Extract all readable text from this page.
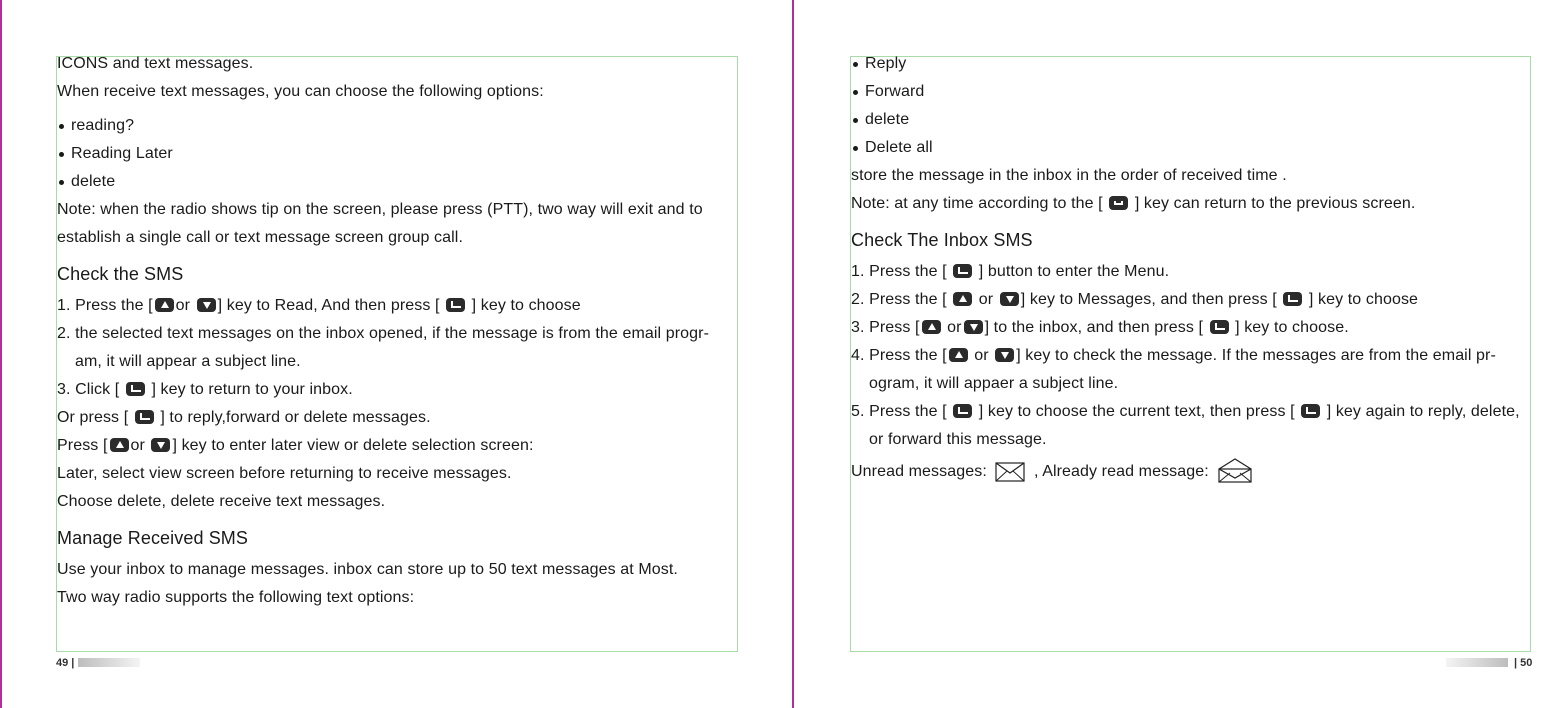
ICONS and text messages.
When receive text messages, you can choose the following options:
reading?
Reading Later
delete
Note: when the radio shows tip on the screen, please press (PTT), two way will exit and to
establish a single call or text message screen group call.
Check the SMS
1. Press the [ or ] key to Read, And then press [ ] key to choose
2. the selected text messages on the inbox opened, if the message is from the email progr-
am, it will appear a subject line.
3. Click [ ] key to return to your inbox.
Or press [ ] to reply,forward or delete messages.
Press [ or ] key to enter later view or delete selection screen:
Later, select view screen before returning to receive messages.
Choose delete, delete receive text messages.
Manage Received SMS
Use your inbox to manage messages. inbox can store up to 50 text messages at Most.
Two way radio supports the following text options:
Reply
Forward
delete
Delete all
store the message in the inbox in the order of received time .
Note: at any time according to the [ ] key can return to the previous screen.
Check The Inbox SMS
1. Press the [ ] button to enter the Menu.
2. Press the [ or ] key to Messages, and then press [ ] key to choose
3. Press [ or ] to the inbox, and then press [ ] key to choose.
4. Press the [ or ] key to check the message. If the messages are from the email pr-
ogram, it will appaer a subject line.
5. Press the [ ] key to choose the current text, then press [ ] key again to reply, delete,
or forward this message.
Unread messages:	, Already read message:
49 |	| 50
